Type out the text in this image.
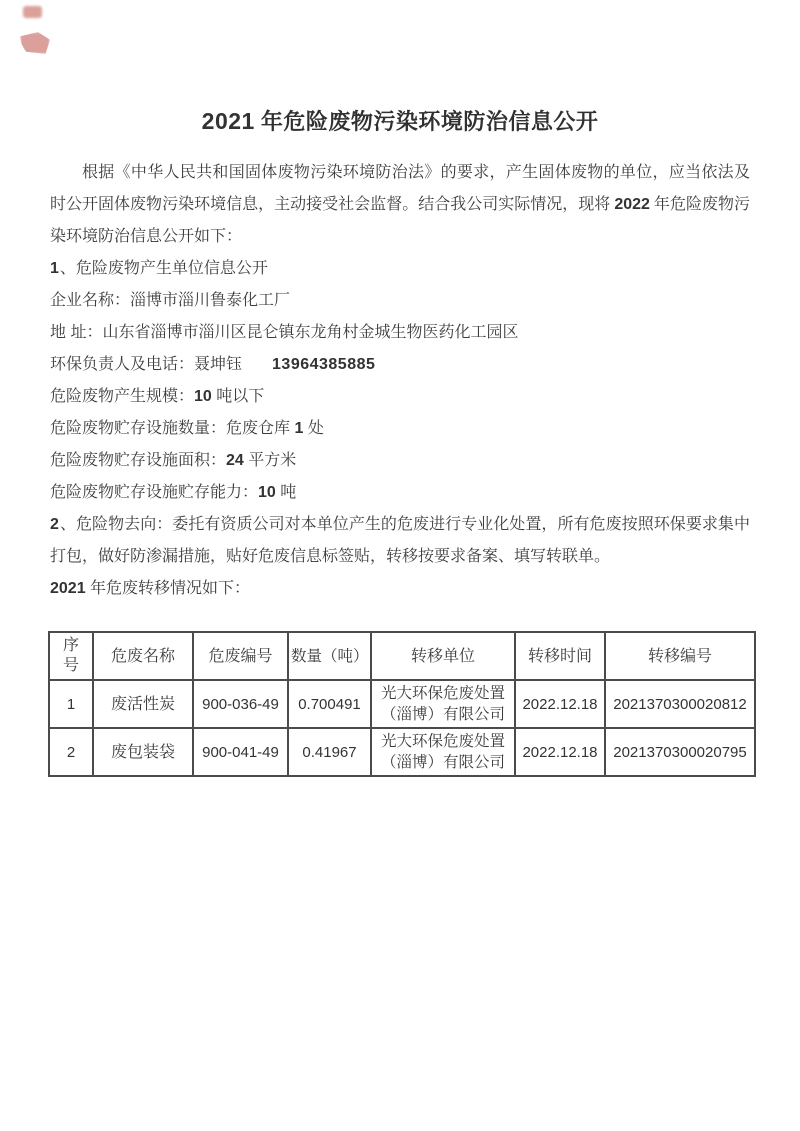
2021 年危险废物污染环境防治信息公开
根据《中华人民共和国固体废物污染环境防治法》的要求，产生固体废物的单位，应当依法及时公开固体废物污染环境信息，主动接受社会监督。结合我公司实际情况，现将 2022 年危险废物污染环境防治信息公开如下：
1、危险废物产生单位信息公开
企业名称：淄博市淄川鲁泰化工厂
地 址：山东省淄博市淄川区昆仑镇东龙角村金城生物医药化工园区
环保负责人及电话：聂坤钰 13964385885
危险废物产生规模：10 吨以下
危险废物贮存设施数量：危废仓库 1 处
危险废物贮存设施面积：24 平方米
危险废物贮存设施贮存能力：10 吨
2、危险物去向：委托有资质公司对本单位产生的危废进行专业化处置，所有危废按照环保要求集中打包，做好防渗漏措施，贴好危废信息标签贴，转移按要求备案、填写转联单。
2021 年危废转移情况如下：
序号	危废名称	危废编号	数量（吨）	转移单位	转移时间	转移编号
1	废活性炭	900-036-49	0.700491	光大环保危废处置（淄博）有限公司	2022.12.18	2021370300020812
2	废包装袋	900-041-49	0.41967	光大环保危废处置（淄博）有限公司	2022.12.18	2021370300020795
